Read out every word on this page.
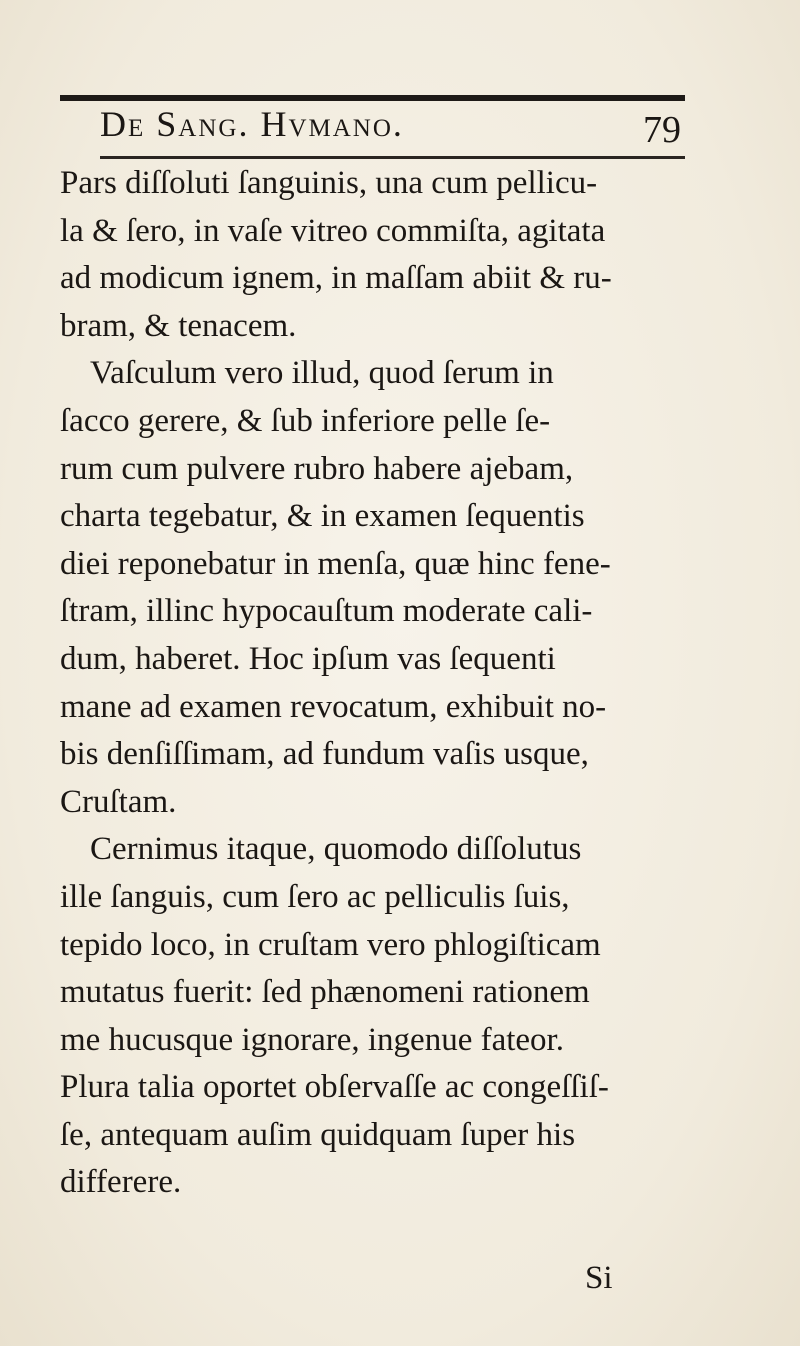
De Sang. Hvmano.	79
Pars diſſoluti ſanguinis, una cum pellicu-
la & ſero, in vaſe vitreo commiſta, agitata
ad modicum ignem, in maſſam abiit & ru-
bram, & tenacem.
Vaſculum vero illud, quod ſerum in
ſacco gerere, & ſub inferiore pelle ſe-
rum cum pulvere rubro habere ajebam,
charta tegebatur, & in examen ſequentis
diei reponebatur in menſa, quæ hinc fene-
ſtram, illinc hypocauſtum moderate cali-
dum, haberet. Hoc ipſum vas ſequenti
mane ad examen revocatum, exhibuit no-
bis denſiſſimam, ad fundum vaſis usque,
Cruſtam.
Cernimus itaque, quomodo diſſolutus
ille ſanguis, cum ſero ac pelliculis ſuis,
tepido loco, in cruſtam vero phlogiſticam
mutatus fuerit: ſed phænomeni rationem
me hucusque ignorare, ingenue fateor.
Plura talia oportet obſervaſſe ac congeſſiſ-
ſe, antequam auſim quidquam ſuper his
differere.
Si
